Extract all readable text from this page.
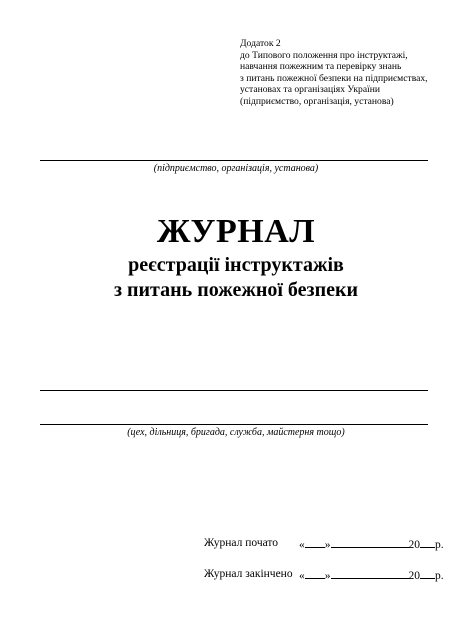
Додаток 2
до Типового положення про інструктажі,
навчання пожежним та перевірку знань
з питань пожежної безпеки на підприємствах,
установах та організаціях України
(підприємство, організація, установа)
(підприємство, організація, установа)
ЖУРНАЛ
реєстрації інструктажів
з питань пожежної безпеки
(цех, дільниця, бригада, служба, майстерня тощо)
Журнал почато « »	20 р.
Журнал закінчено « »	20 р.
